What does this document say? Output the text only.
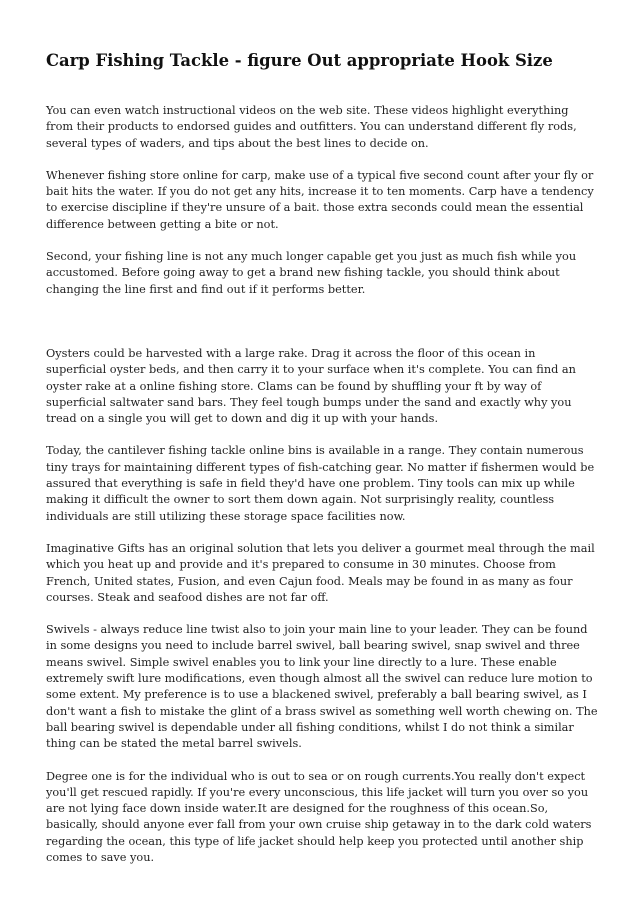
Carp Fishing Tackle - figure Out appropriate Hook Size

You can even watch instructional videos on the web site. These videos highlight everything from their products to endorsed guides and outfitters. You can understand different fly rods, several types of waders, and tips about the best lines to decide on.

Whenever fishing store online for carp, make use of a typical five second count after your fly or bait hits the water. If you do not get any hits, increase it to ten moments. Carp have a tendency to exercise discipline if they're unsure of a bait. those extra seconds could mean the essential difference between getting a bite or not.

Second, your fishing line is not any much longer capable get you just as much fish while you accustomed. Before going away to get a brand new fishing tackle, you should think about changing the line first and find out if it performs better.

Oysters could be harvested with a large rake. Drag it across the floor of this ocean in superficial oyster beds, and then carry it to your surface when it's complete. You can find an oyster rake at a online fishing store. Clams can be found by shuffling your ft by way of superficial saltwater sand bars. They feel tough bumps under the sand and exactly why you tread on a single you will get to down and dig it up with your hands.

Today, the cantilever fishing tackle online bins is available in a range. They contain numerous tiny trays for maintaining different types of fish-catching gear. No matter if fishermen would be assured that everything is safe in field they'd have one problem. Tiny tools can mix up while making it difficult the owner to sort them down again. Not surprisingly reality, countless individuals are still utilizing these storage space facilities now.

Imaginative Gifts has an original solution that lets you deliver a gourmet meal through the mail which you heat up and provide and it's prepared to consume in 30 minutes. Choose from French, United states, Fusion, and even Cajun food. Meals may be found in as many as four courses. Steak and seafood dishes are not far off.

Swivels - always reduce line twist also to join your main line to your leader. They can be found in some designs you need to include barrel swivel, ball bearing swivel, snap swivel and three means swivel. Simple swivel enables you to link your line directly to a lure. These enable extremely swift lure modifications, even though almost all the swivel can reduce lure motion to some extent. My preference is to use a blackened swivel, preferably a ball bearing swivel, as I don't want a fish to mistake the glint of a brass swivel as something well worth chewing on. The ball bearing swivel is dependable under all fishing conditions, whilst I do not think a similar thing can be stated the metal barrel swivels.

Degree one is for the individual who is out to sea or on rough currents.You really don't expect you'll get rescued rapidly. If you're every unconscious, this life jacket will turn you over so you are not lying face down inside water.It are designed for the roughness of this ocean.So, basically, should anyone ever fall from your own cruise ship getaway in to the dark cold waters regarding the ocean, this type of life jacket should help keep you protected until another ship comes to save you.
